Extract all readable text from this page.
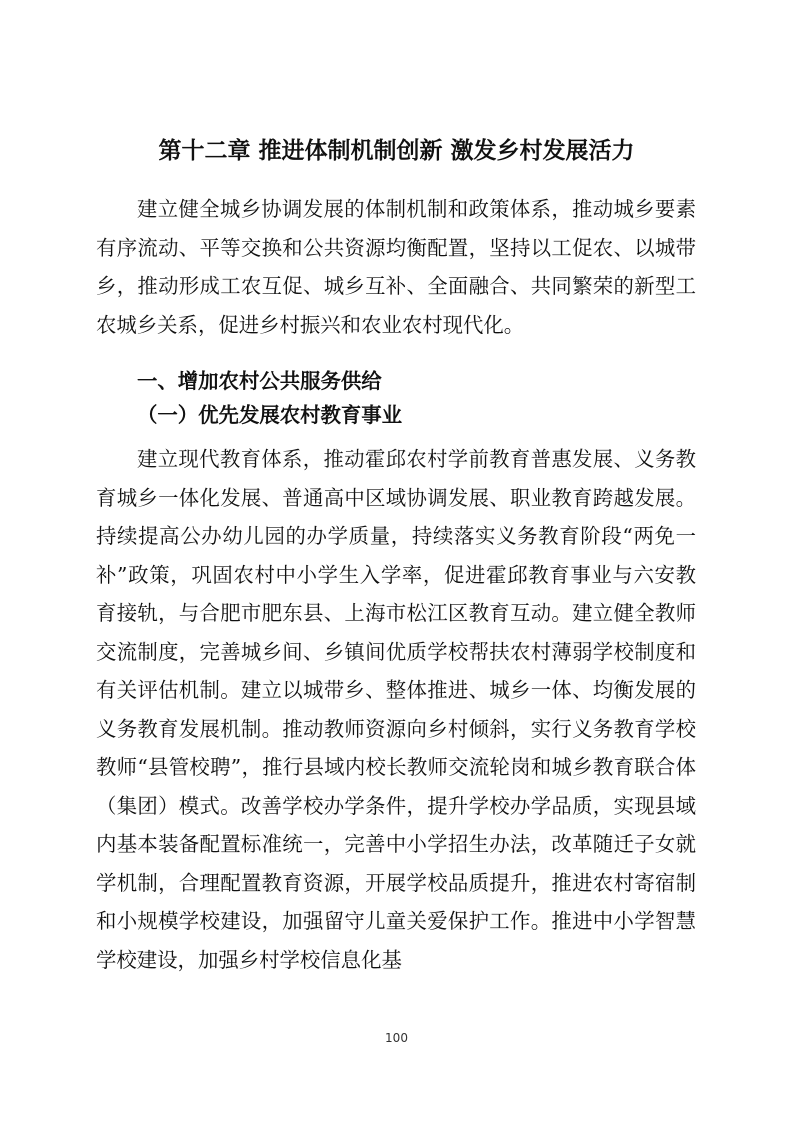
第十二章 推进体制机制创新 激发乡村发展活力

建立健全城乡协调发展的体制机制和政策体系，推动城乡要素有序流动、平等交换和公共资源均衡配置，坚持以工促农、以城带乡，推动形成工农互促、城乡互补、全面融合、共同繁荣的新型工农城乡关系，促进乡村振兴和农业农村现代化。

一、增加农村公共服务供给
（一）优先发展农村教育事业

建立现代教育体系，推动霍邱农村学前教育普惠发展、义务教育城乡一体化发展、普通高中区域协调发展、职业教育跨越发展。持续提高公办幼儿园的办学质量，持续落实义务教育阶段“两免一补”政策，巩固农村中小学生入学率，促进霍邱教育事业与六安教育接轨，与合肥市肥东县、上海市松江区教育互动。建立健全教师交流制度，完善城乡间、乡镇间优质学校帮扶农村薄弱学校制度和有关评估机制。建立以城带乡、整体推进、城乡一体、均衡发展的义务教育发展机制。推动教师资源向乡村倾斜，实行义务教育学校教师“县管校聘”，推行县域内校长教师交流轮岗和城乡教育联合体（集团）模式。改善学校办学条件，提升学校办学品质，实现县域内基本装备配置标准统一，完善中小学招生办法，改革随迁子女就学机制，合理配置教育资源，开展学校品质提升，推进农村寄宿制和小规模学校建设，加强留守儿童关爱保护工作。推进中小学智慧学校建设，加强乡村学校信息化基

100
